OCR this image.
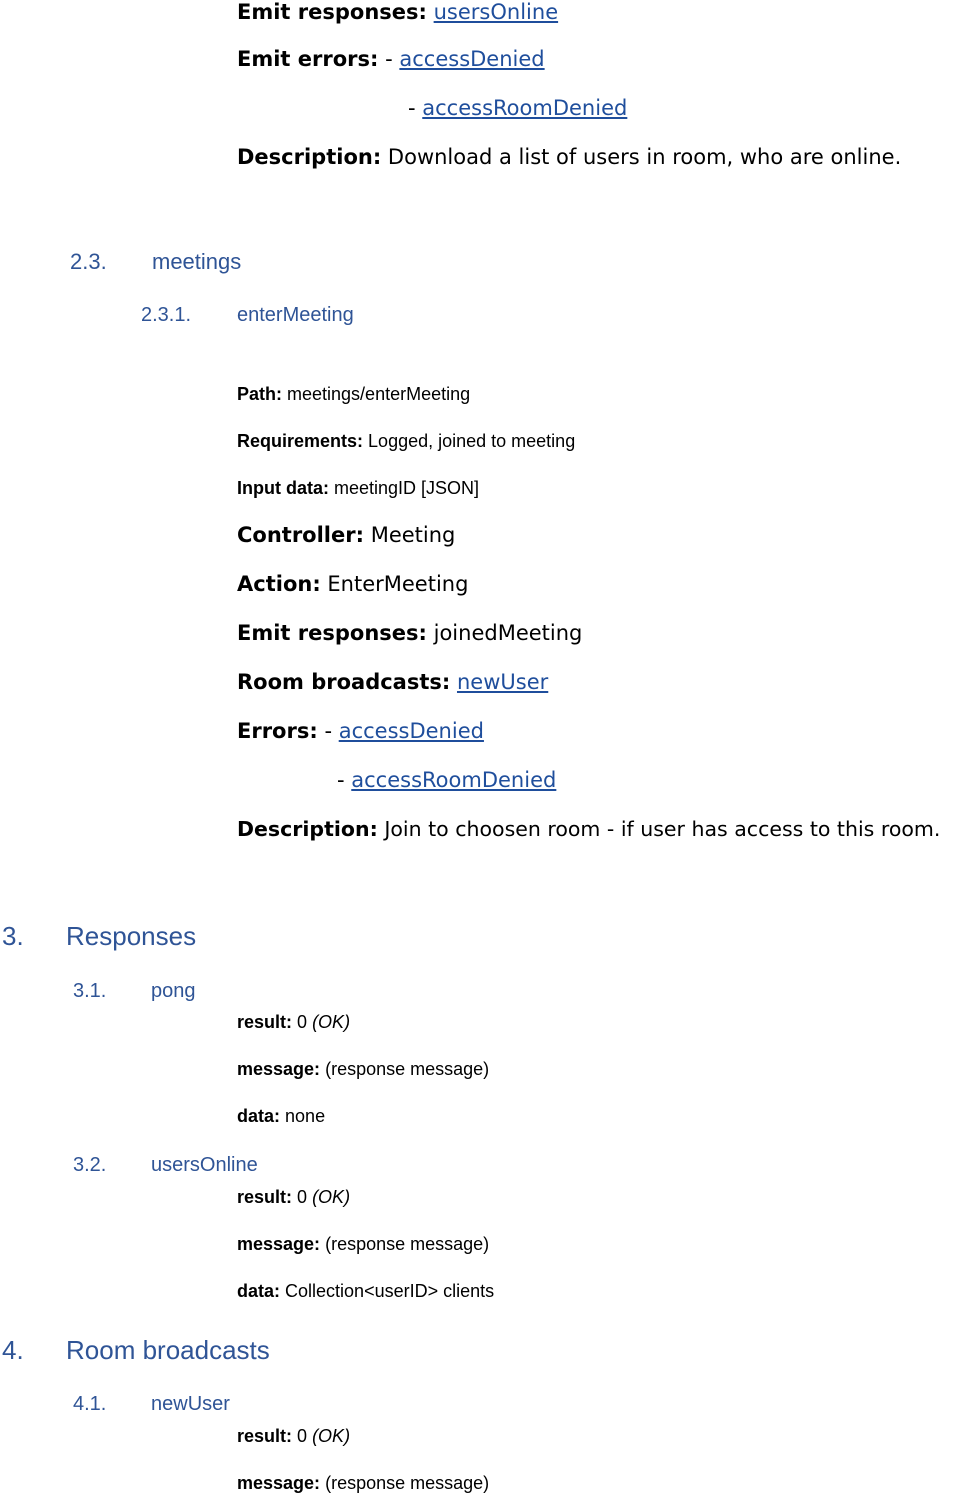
Emit responses: usersOnline
Emit errors: - accessDenied
- accessRoomDenied
Description: Download a list of users in room, who are online.
2.3. meetings
2.3.1. enterMeeting
Path: meetings/enterMeeting
Requirements: Logged, joined to meeting
Input data: meetingID [JSON]
Controller: Meeting
Action: EnterMeeting
Emit responses: joinedMeeting
Room broadcasts: newUser
Errors: - accessDenied
- accessRoomDenied
Description: Join to choosen room - if user has access to this room.
3. Responses
3.1. pong
result: 0 (OK)
message: (response message)
data: none
3.2. usersOnline
result: 0 (OK)
message: (response message)
data: Collection<userID> clients
4. Room broadcasts
4.1. newUser
result: 0 (OK)
message: (response message)
